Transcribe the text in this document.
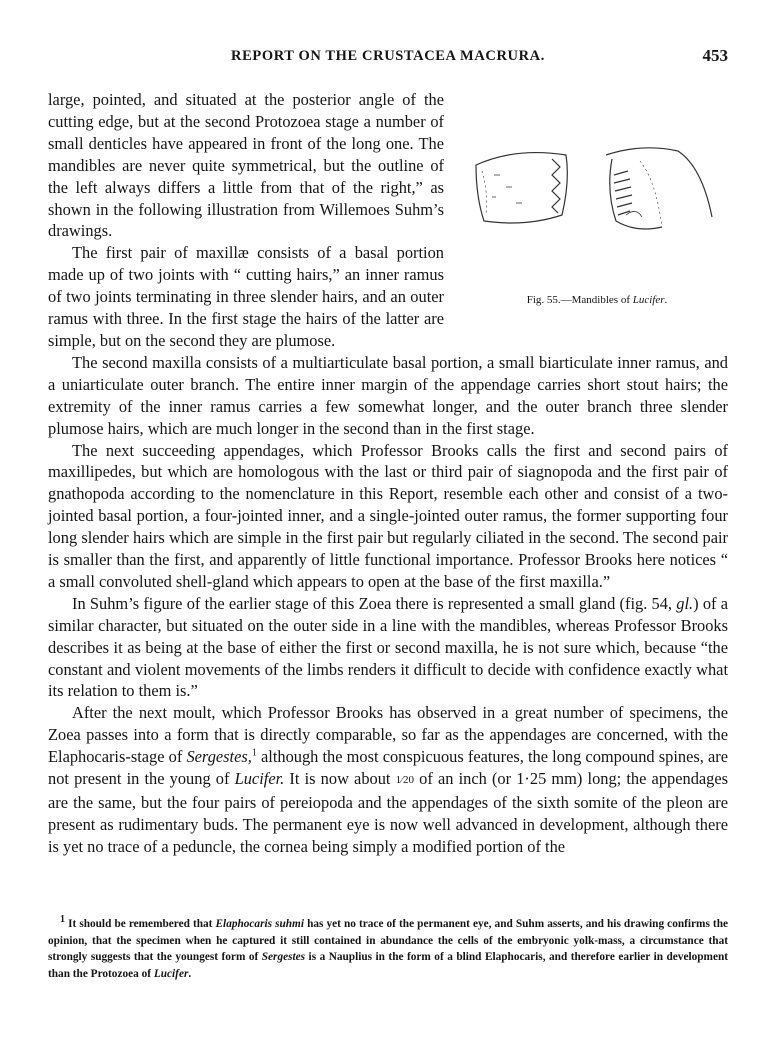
REPORT ON THE CRUSTACEA MACRURA.	453
Fig. 55.—Mandibles of Lucifer.

large, pointed, and situated at the posterior angle of the cutting edge, but at the second Protozoea stage a number of small denticles have appeared in front of the long one. The mandibles are never quite symmetrical, but the outline of the left always differs a little from that of the right,” as shown in the following illustration from Willemoes Suhm’s drawings.

The first pair of maxillæ consists of a basal portion made up of two joints with “ cutting hairs,” an inner ramus of two joints terminating in three slender hairs, and an outer ramus with three. In the first stage the hairs of the latter are simple, but on the second they are plumose.

The second maxilla consists of a multiarticulate basal portion, a small biarticulate inner ramus, and a uniarticulate outer branch. The entire inner margin of the appendage carries short stout hairs; the extremity of the inner ramus carries a few somewhat longer, and the outer branch three slender plumose hairs, which are much longer in the second than in the first stage.

The next succeeding appendages, which Professor Brooks calls the first and second pairs of maxillipedes, but which are homologous with the last or third pair of siagnopoda and the first pair of gnathopoda according to the nomenclature in this Report, resemble each other and consist of a two-jointed basal portion, a four-jointed inner, and a single-jointed outer ramus, the former supporting four long slender hairs which are simple in the first pair but regularly ciliated in the second. The second pair is smaller than the first, and apparently of little functional importance. Professor Brooks here notices “ a small convoluted shell-gland which appears to open at the base of the first maxilla.”

In Suhm’s figure of the earlier stage of this Zoea there is represented a small gland (fig. 54, gl.) of a similar character, but situated on the outer side in a line with the mandibles, whereas Professor Brooks describes it as being at the base of either the first or second maxilla, he is not sure which, because “the constant and violent movements of the limbs renders it difficult to decide with confidence exactly what its relation to them is.”

After the next moult, which Professor Brooks has observed in a great number of specimens, the Zoea passes into a form that is directly comparable, so far as the appendages are concerned, with the Elaphocaris-stage of Sergestes,$^1$ although the most conspicuous features, the long compound spines, are not present in the young of Lucifer. It is now about 1⁄20 of an inch (or 1·25 mm) long; the appendages are the same, but the four pairs of pereiopoda and the appendages of the sixth somite of the pleon are present as rudimentary buds. The permanent eye is now well advanced in development, although there is yet no trace of a peduncle, the cornea being simply a modified portion of the

$^1$ It should be remembered that Elaphocaris suhmi has yet no trace of the permanent eye, and Suhm asserts, and his drawing confirms the opinion, that the specimen when he captured it still contained in abundance the cells of the embryonic yolk-mass, a circumstance that strongly suggests that the youngest form of Sergestes is a Nauplius in the form of a blind Elaphocaris, and therefore earlier in development than the Protozoea of Lucifer.
